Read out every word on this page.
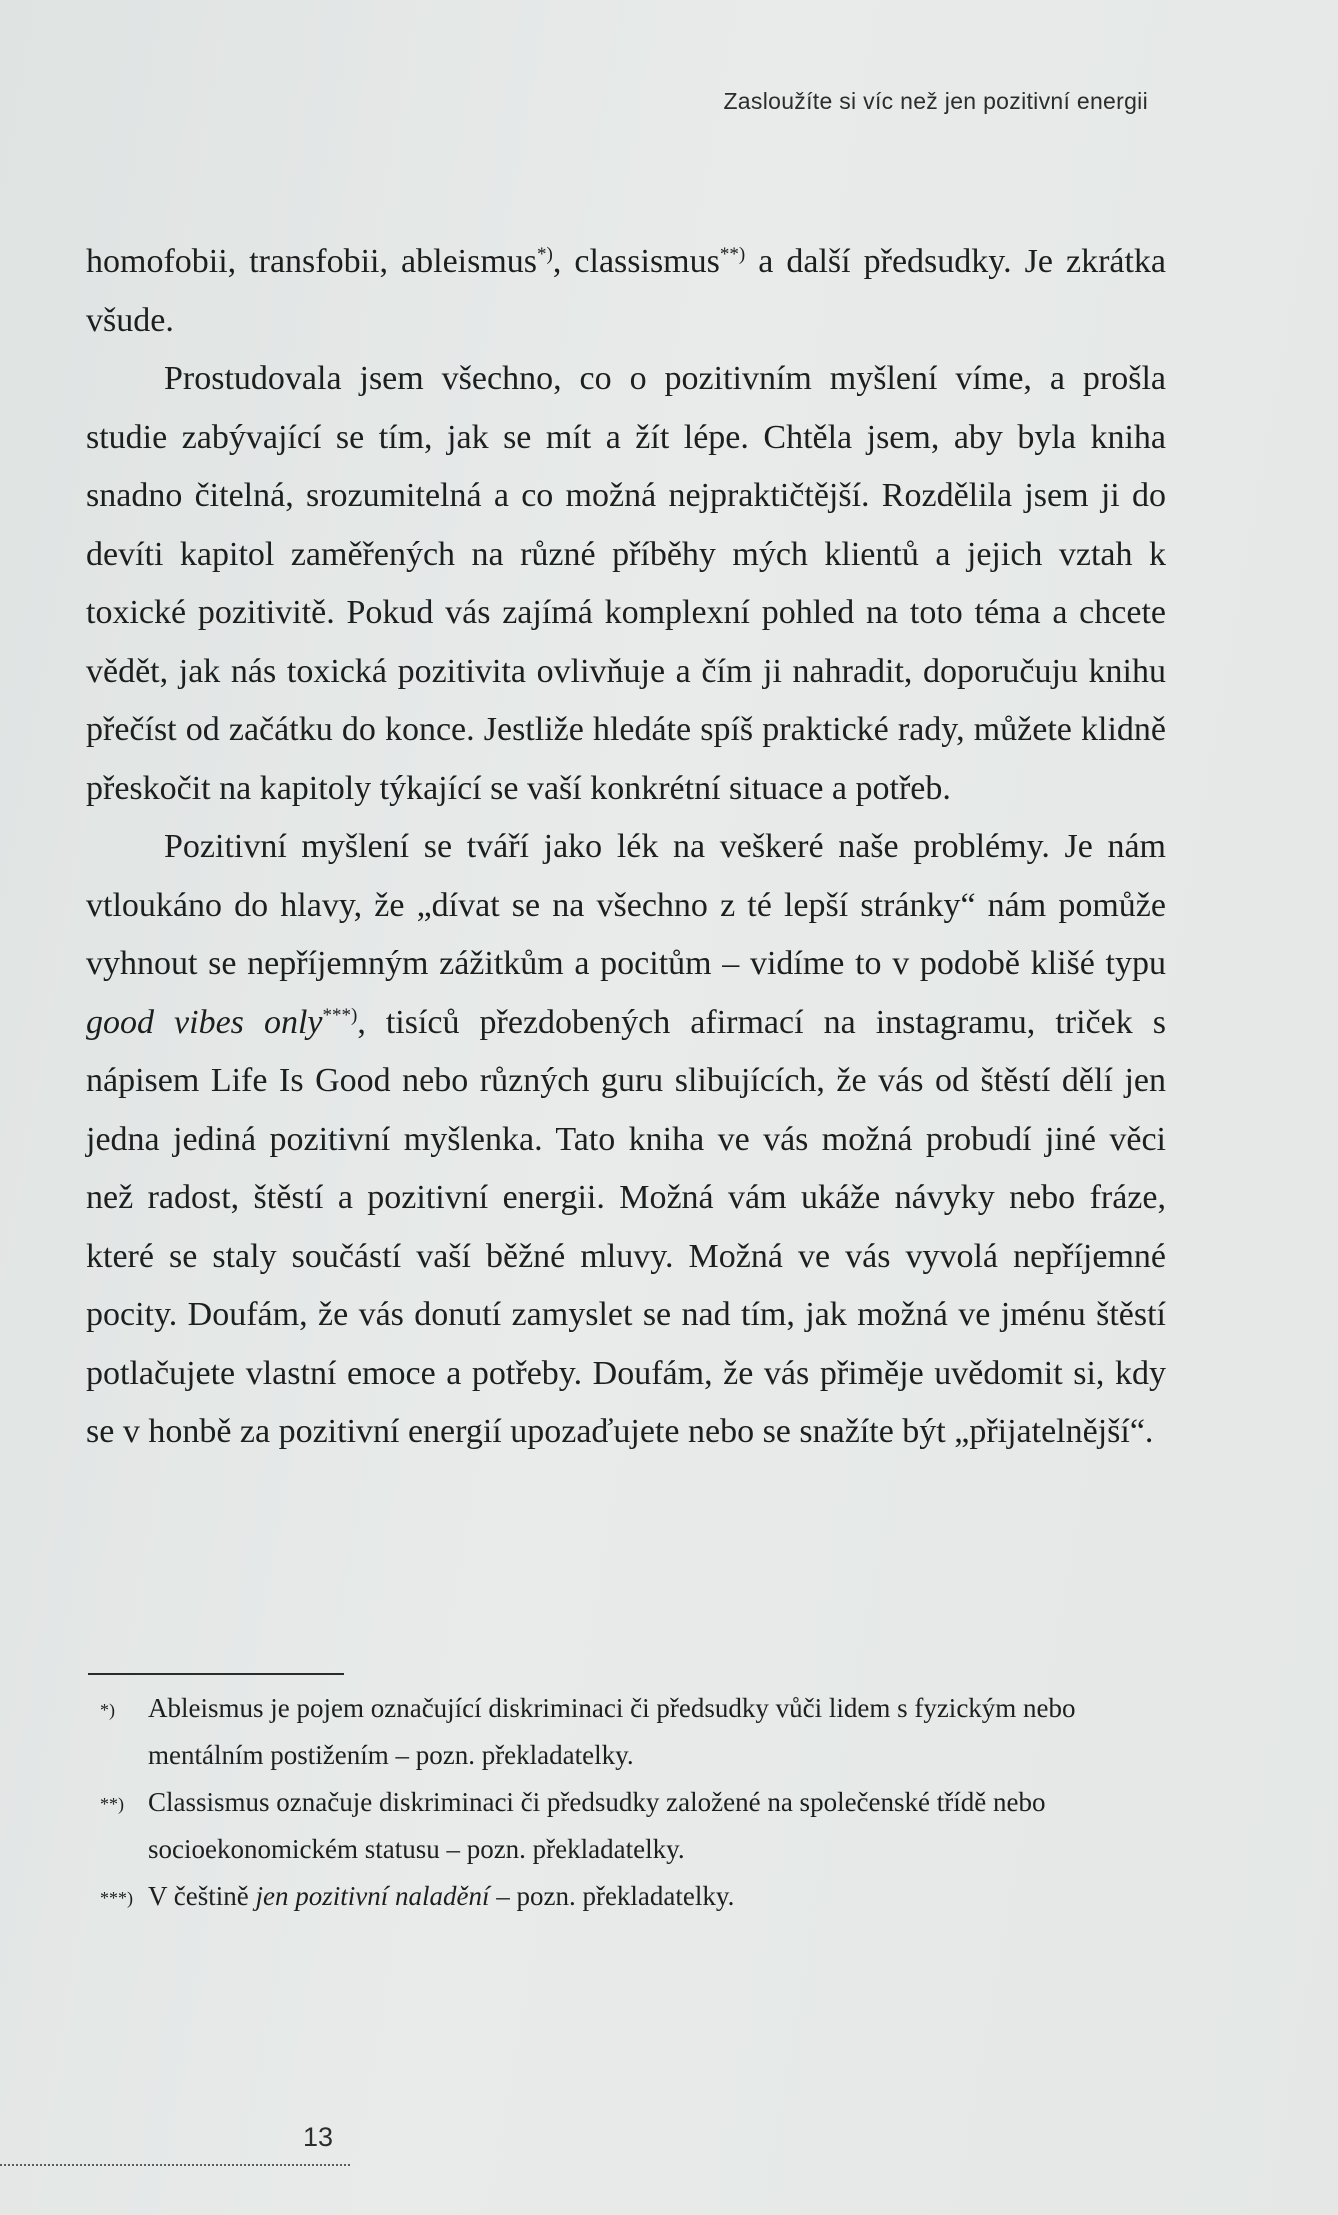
Zasloužíte si víc než jen pozitivní energii

homofobii, transfobii, ableismus*), classismus**) a další předsudky. Je zkrátka všude.

Prostudovala jsem všechno, co o pozitivním myšlení víme, a prošla studie zabývající se tím, jak se mít a žít lépe. Chtěla jsem, aby byla kniha snadno čitelná, srozumitelná a co možná nejpraktičtější. Rozdělila jsem ji do devíti kapitol zaměřených na různé příběhy mých klientů a jejich vztah k toxické pozitivitě. Pokud vás zajímá komplexní pohled na toto téma a chcete vědět, jak nás toxická pozitivita ovlivňuje a čím ji nahradit, doporučuju knihu přečíst od začátku do konce. Jestliže hledáte spíš praktické rady, můžete klidně přeskočit na kapitoly týkající se vaší konkrétní situace a potřeb.

Pozitivní myšlení se tváří jako lék na veškeré naše problémy. Je nám vtloukáno do hlavy, že „dívat se na všechno z té lepší stránky“ nám pomůže vyhnout se nepříjemným zážitkům a pocitům – vidíme to v podobě klišé typu good vibes only***), tisíců přezdobených afirmací na instagramu, triček s nápisem Life Is Good nebo různých guru slibujících, že vás od štěstí dělí jen jedna jediná pozitivní myšlenka. Tato kniha ve vás možná probudí jiné věci než radost, štěstí a pozitivní energii. Možná vám ukáže návyky nebo fráze, které se staly součástí vaší běžné mluvy. Možná ve vás vyvolá nepříjemné pocity. Doufám, že vás donutí zamyslet se nad tím, jak možná ve jménu štěstí potlačujete vlastní emoce a potřeby. Doufám, že vás přiměje uvědomit si, kdy se v honbě za pozitivní energií upozaďujete nebo se snažíte být „přijatelnější“.

*)	Ableismus je pojem označující diskriminaci či předsudky vůči lidem s fyzickým nebo mentálním postižením – pozn. překladatelky.
**) Classismus označuje diskriminaci či předsudky založené na společenské třídě nebo socioekonomickém statusu – pozn. překladatelky.
***) V češtině jen pozitivní naladění – pozn. překladatelky.
13
